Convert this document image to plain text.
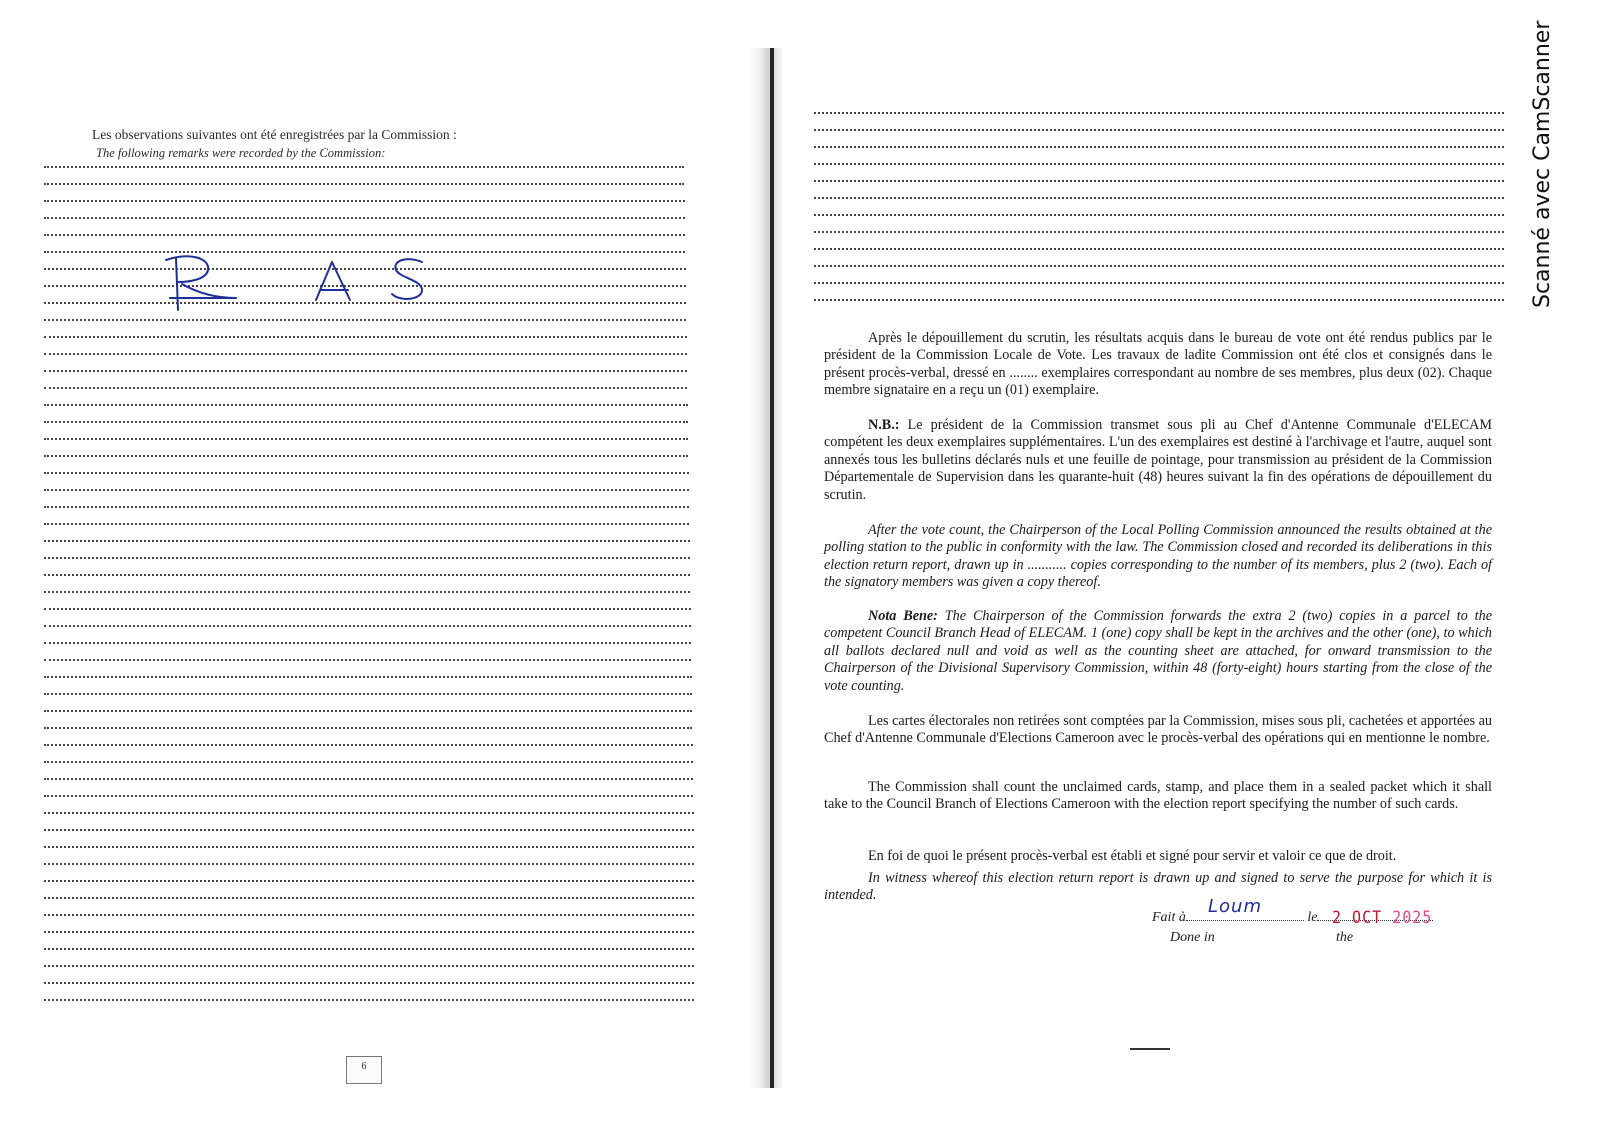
Les observations suivantes ont été enregistrées par la Commission :
The following remarks were recorded by the Commission:
6

Après le dépouillement du scrutin, les résultats acquis dans le bureau de vote ont été rendus publics par le président de la Commission Locale de Vote. Les travaux de ladite Commission ont été clos et consignés dans le présent procès-verbal, dressé en ........ exemplaires correspondant au nombre de ses membres, plus deux (02). Chaque membre signataire en a reçu un (01) exemplaire.

N.B.: Le président de la Commission transmet sous pli au Chef d'Antenne Communale d'ELECAM compétent les deux exemplaires supplémentaires. L'un des exemplaires est destiné à l'archivage et l'autre, auquel sont annexés tous les bulletins déclarés nuls et une feuille de pointage, pour transmission au président de la Commission Départementale de Supervision dans les quarante-huit (48) heures suivant la fin des opérations de dépouillement du scrutin.

After the vote count, the Chairperson of the Local Polling Commission announced the results obtained at the polling station to the public in conformity with the law. The Commission closed and recorded its deliberations in this election return report, drawn up in ........... copies corresponding to the number of its members, plus 2 (two). Each of the signatory members was given a copy thereof.

Nota Bene: The Chairperson of the Commission forwards the extra 2 (two) copies in a parcel to the competent Council Branch Head of ELECAM. 1 (one) copy shall be kept in the archives and the other (one), to which all ballots declared null and void as well as the counting sheet are attached, for onward transmission to the Chairperson of the Divisional Supervisory Commission, within 48 (forty-eight) hours starting from the close of the vote counting.

Les cartes électorales non retirées sont comptées par la Commission, mises sous pli, cachetées et apportées au Chef d'Antenne Communale d'Elections Cameroon avec le procès-verbal des opérations qui en mentionne le nombre.

The Commission shall count the unclaimed cards, stamp, and place them in a sealed packet which it shall take to the Council Branch of Elections Cameroon with the election report specifying the number of such cards.

En foi de quoi le présent procès-verbal est établi et signé pour servir et valoir ce que de droit.

In witness whereof this election return report is drawn up and signed to serve the purpose for which it is intended.

Fait à	le
Loum	2 OCT 2025
Done in	the
Scanné avec CamScanner
